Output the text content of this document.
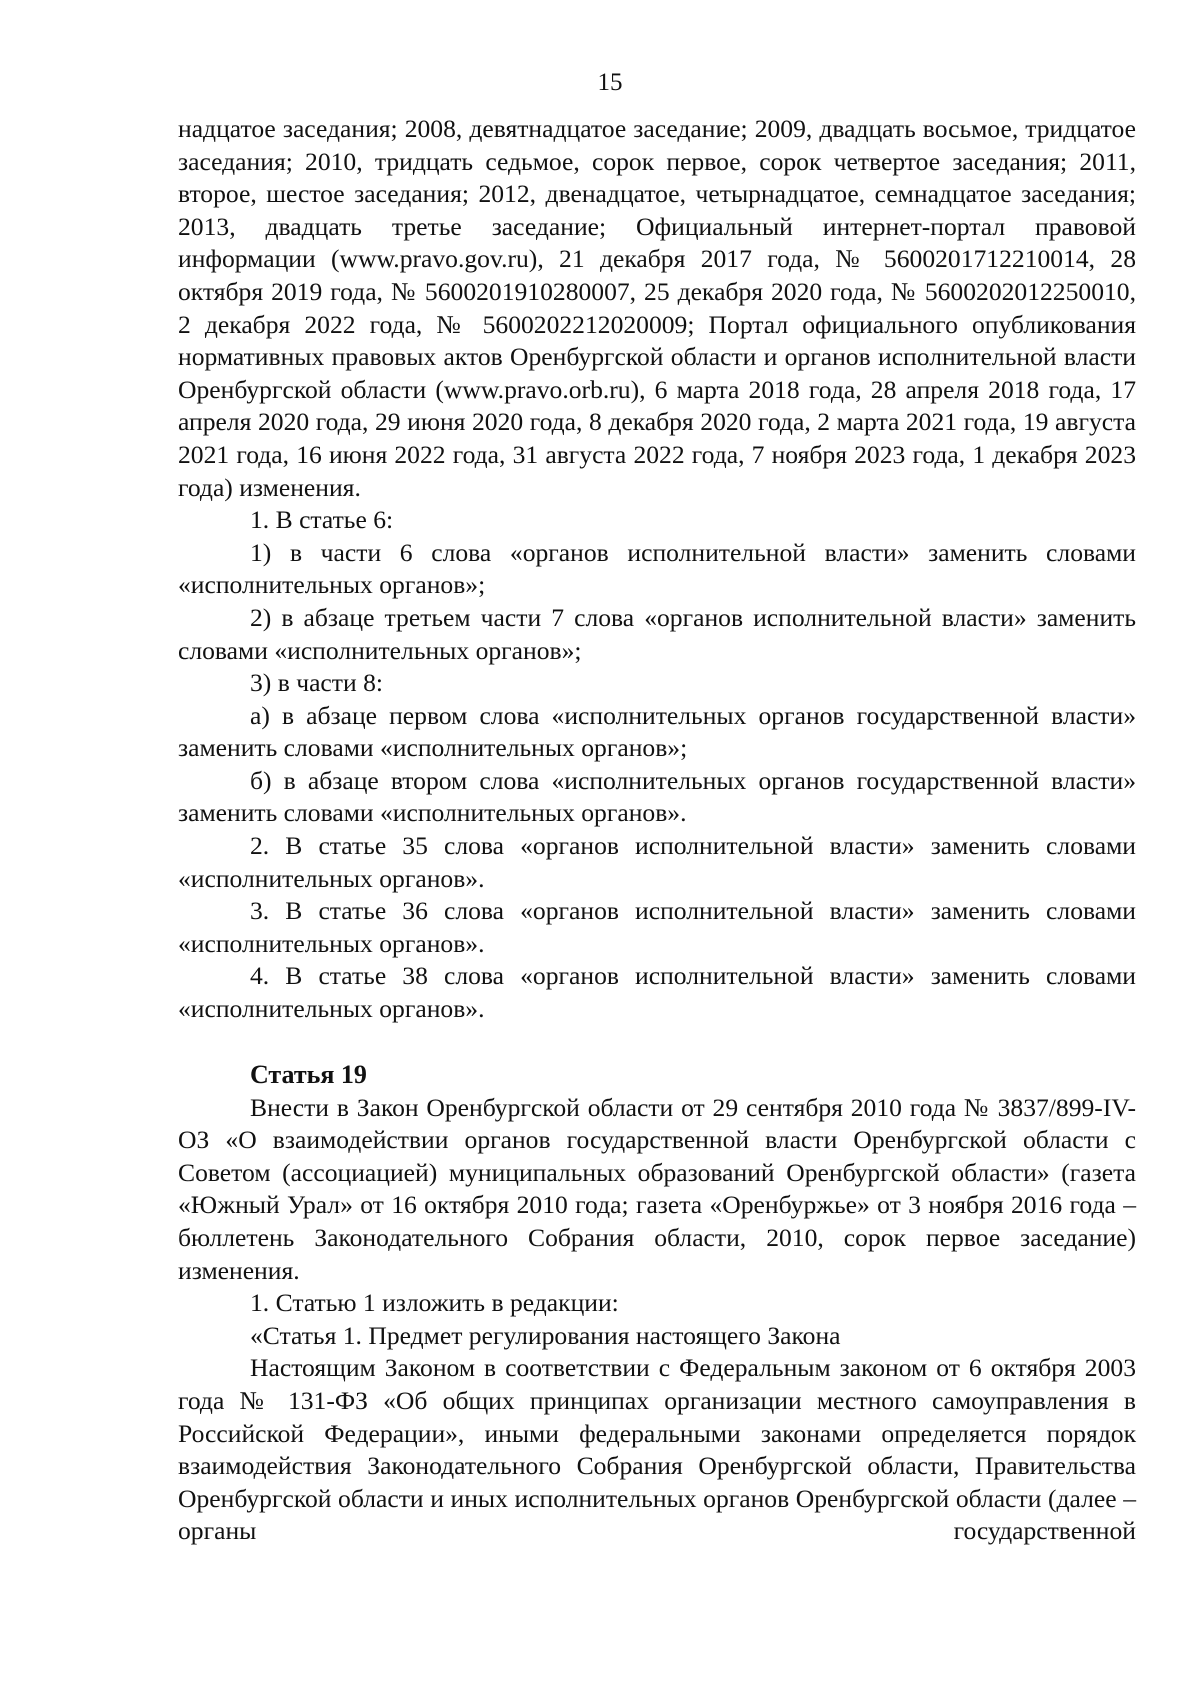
15

надцатое заседания; 2008, девятнадцатое заседание; 2009, двадцать восьмое, тридцатое заседания; 2010, тридцать седьмое, сорок первое, сорок четвертое заседания; 2011, второе, шестое заседания; 2012, двенадцатое, четырнадцатое, семнадцатое заседания; 2013, двадцать третье заседание; Официальный интернет-портал правовой информации (www.pravo.gov.ru), 21 декабря 2017 года, № 5600201712210014, 28 октября 2019 года, № 5600201910280007, 25 декабря 2020 года, № 5600202012250010, 2 декабря 2022 года, № 5600202212020009; Портал официального опубликования нормативных правовых актов Оренбургской области и органов исполнительной власти Оренбургской области (www.pravo.orb.ru), 6 марта 2018 года, 28 апреля 2018 года, 17 апреля 2020 года, 29 июня 2020 года, 8 декабря 2020 года, 2 марта 2021 года, 19 августа 2021 года, 16 июня 2022 года, 31 августа 2022 года, 7 ноября 2023 года, 1 декабря 2023 года) изменения.

1. В статье 6:

1) в части 6 слова «органов исполнительной власти» заменить словами «исполнительных органов»;

2) в абзаце третьем части 7 слова «органов исполнительной власти» заменить словами «исполнительных органов»;

3) в части 8:

а) в абзаце первом слова «исполнительных органов государственной власти» заменить словами «исполнительных органов»;

б) в абзаце втором слова «исполнительных органов государственной власти» заменить словами «исполнительных органов».

2. В статье 35 слова «органов исполнительной власти» заменить словами «исполнительных органов».

3. В статье 36 слова «органов исполнительной власти» заменить словами «исполнительных органов».

4. В статье 38 слова «органов исполнительной власти» заменить словами «исполнительных органов».

Статья 19

Внести в Закон Оренбургской области от 29 сентября 2010 года № 3837/899-IV-ОЗ «О взаимодействии органов государственной власти Оренбургской области с Советом (ассоциацией) муниципальных образований Оренбургской области» (газета «Южный Урал» от 16 октября 2010 года; газета «Оренбуржье» от 3 ноября 2016 года – бюллетень Законодательного Собрания области, 2010, сорок первое заседание) изменения.

1. Статью 1 изложить в редакции:

«Статья 1. Предмет регулирования настоящего Закона

Настоящим Законом в соответствии с Федеральным законом от 6 октября 2003 года № 131-ФЗ «Об общих принципах организации местного самоуправления в Российской Федерации», иными федеральными законами определяется порядок взаимодействия Законодательного Собрания Оренбургской области, Правительства Оренбургской области и иных исполнительных органов Оренбургской области (далее – органы государственной
